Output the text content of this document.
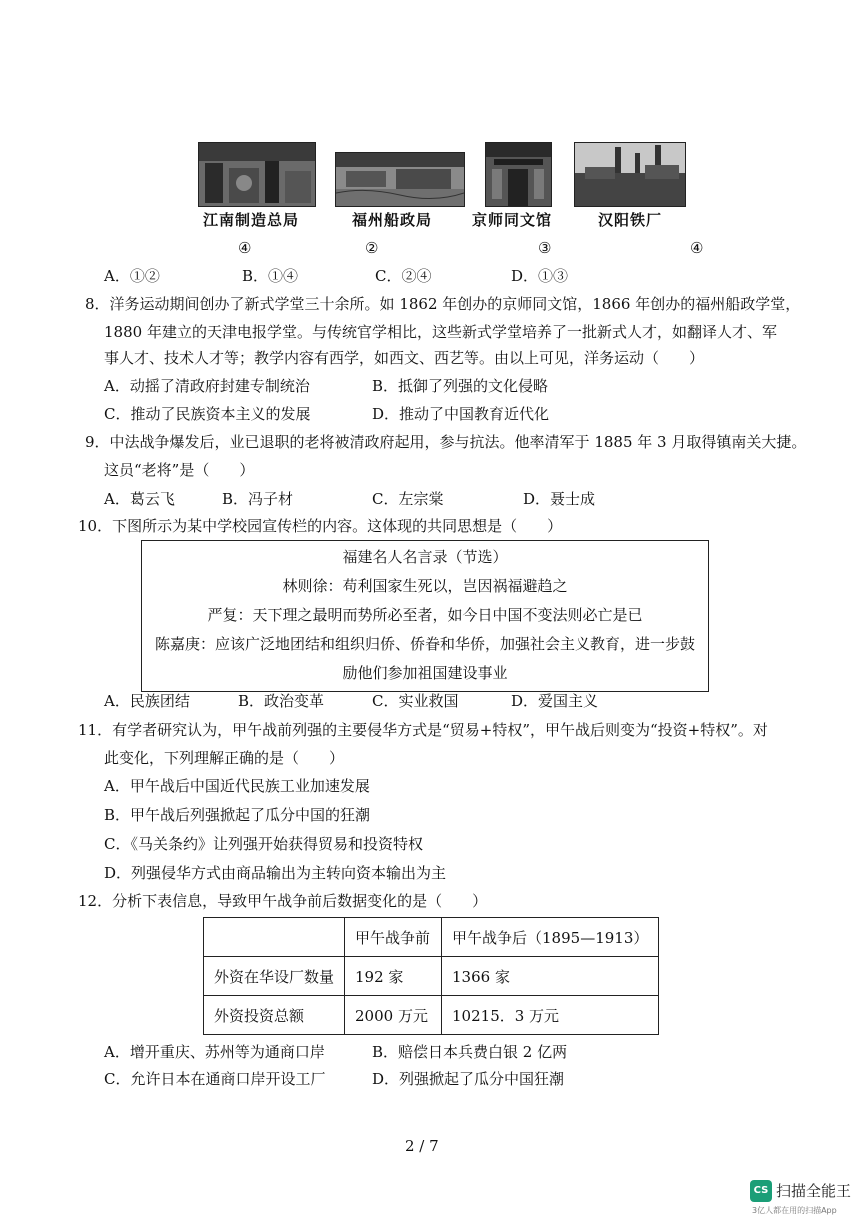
江南制造总局	福州船政局	京师同文馆	汉阳铁厂
④	②	③	④
A．①②	B．①④	C．②④	D．①③
8．洋务运动期间创办了新式学堂三十余所。如 1862 年创办的京师同文馆，1866 年创办的福州船政学堂，
1880 年建立的天津电报学堂。与传统官学相比，这些新式学堂培养了一批新式人才，如翻译人才、军
事人才、技术人才等；教学内容有西学，如西文、西艺等。由以上可见，洋务运动（　　）
A．动摇了清政府封建专制统治	B．抵御了列强的文化侵略
C．推动了民族资本主义的发展	D．推动了中国教育近代化
9．中法战争爆发后，业已退职的老将被清政府起用，参与抗法。他率清军于 1885 年 3 月取得镇南关大捷。
这员“老将”是（　　）
A．葛云飞	B．冯子材	C．左宗棠	D．聂士成
10．下图所示为某中学校园宣传栏的内容。这体现的共同思想是（　　）
福建名人名言录（节选）
林则徐：苟利国家生死以，岂因祸福避趋之
严复：天下理之最明而势所必至者，如今日中国不变法则必亡是已
陈嘉庚：应该广泛地团结和组织归侨、侨眷和华侨，加强社会主义教育，进一步鼓
励他们参加祖国建设事业
A．民族团结	B．政治变革	C．实业救国	D．爱国主义
11．有学者研究认为，甲午战前列强的主要侵华方式是“贸易+特权”，甲午战后则变为“投资+特权”。对
此变化，下列理解正确的是（　　）
A．甲午战后中国近代民族工业加速发展
B．甲午战后列强掀起了瓜分中国的狂潮
C．《马关条约》让列强开始获得贸易和投资特权
D．列强侵华方式由商品输出为主转向资本输出为主
12．分析下表信息，导致甲午战争前后数据变化的是（　　）
	甲午战争前	甲午战争后（1895—1913）
外资在华设厂数量	192 家	1366 家
外资投资总额	2000 万元	10215．3 万元
A．增开重庆、苏州等为通商口岸	B．赔偿日本兵费白银 2 亿两
C．允许日本在通商口岸开设工厂	D．列强掀起了瓜分中国狂潮
2 / 7
CS 扫描全能王
3亿人都在用的扫描App
